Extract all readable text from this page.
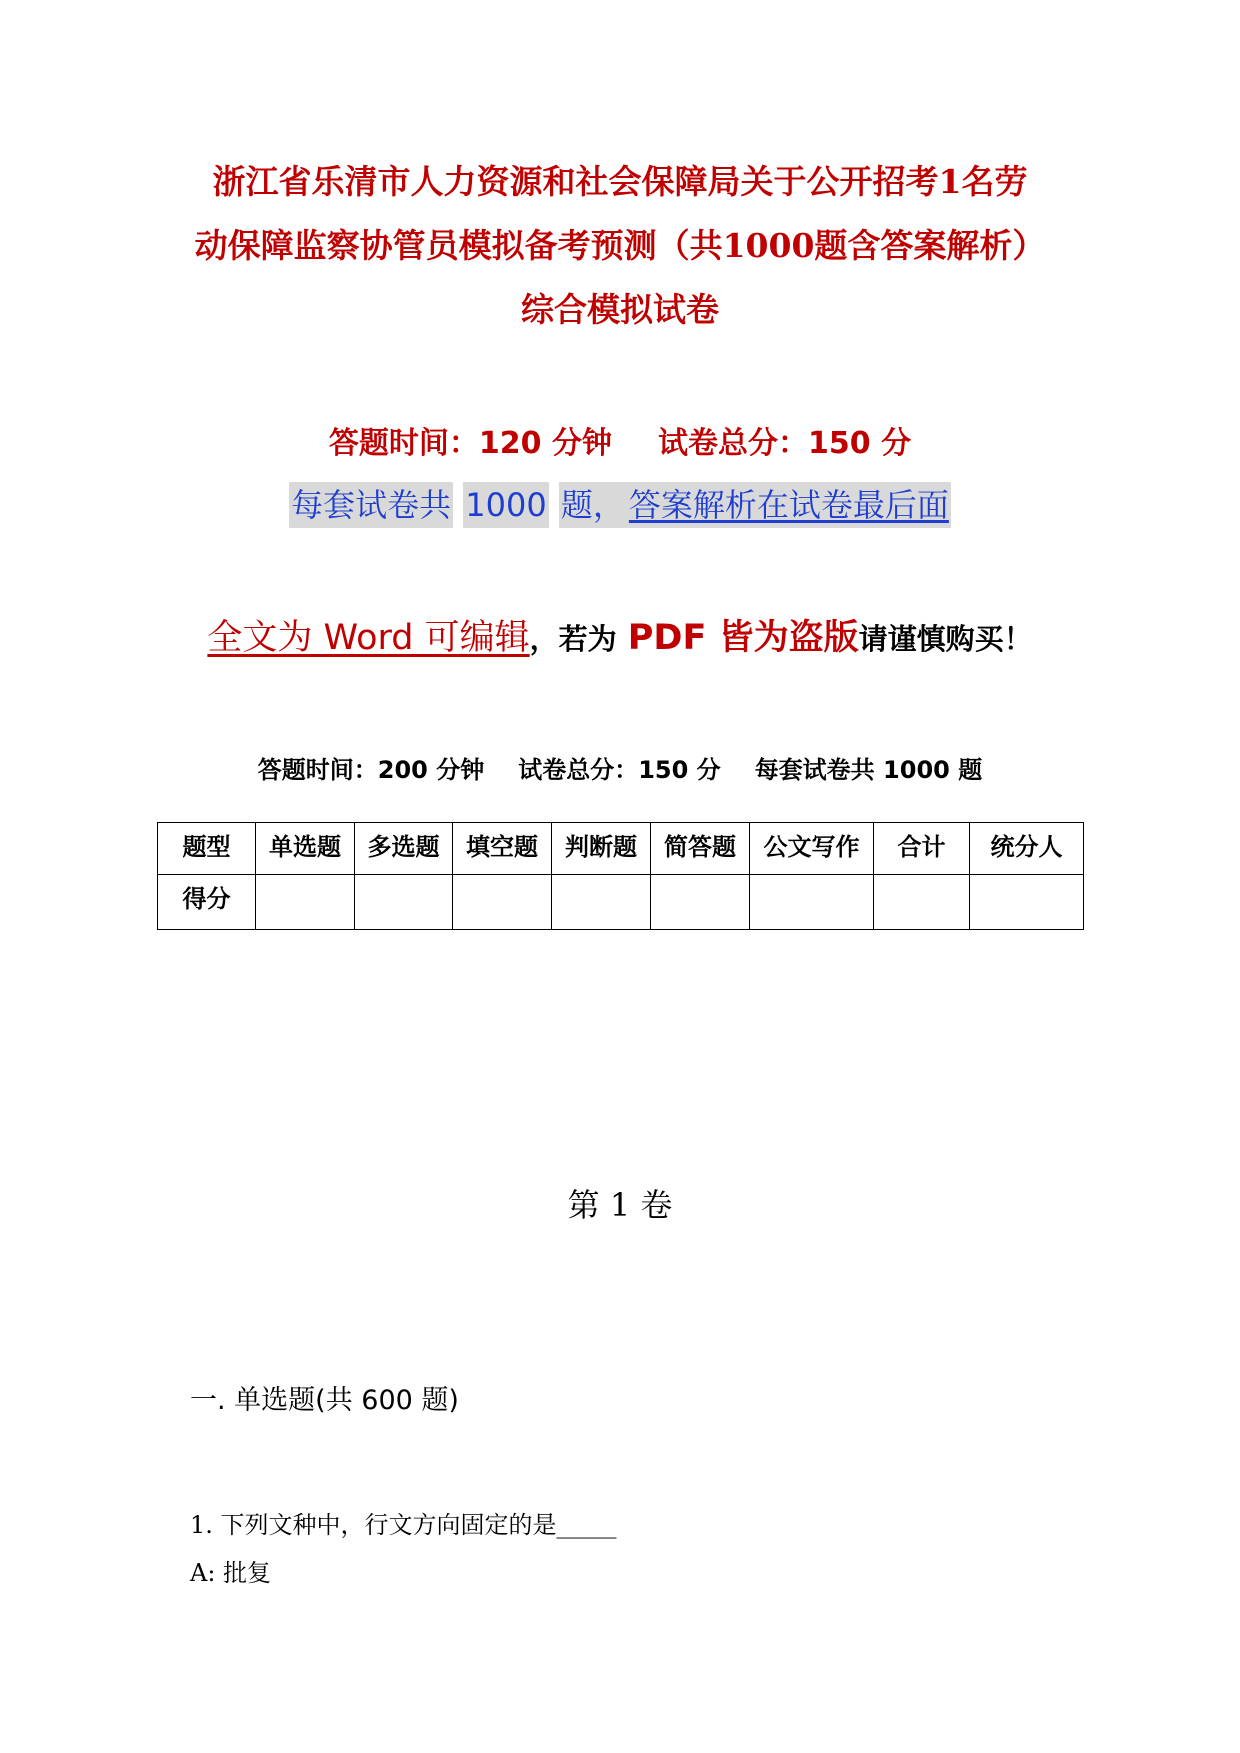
浙江省乐清市人力资源和社会保障局关于公开招考1名劳
动保障监察协管员模拟备考预测（共1000题含答案解析）
综合模拟试卷
答题时间：120 分钟 试卷总分：150 分
每套试卷共 1000 题， 答案解析在试卷最后面
全文为 Word 可编辑，若为 PDF 皆为盗版请谨慎购买！
答题时间：200 分钟 试卷总分：150 分 每套试卷共 1000 题
题型	单选题	多选题	填空题	判断题	简答题	公文写作	合计	统分人
得分								
第 1 卷
一. 单选题(共 600 题)
1. 下列文种中，行文方向固定的是_____
A: 批复
